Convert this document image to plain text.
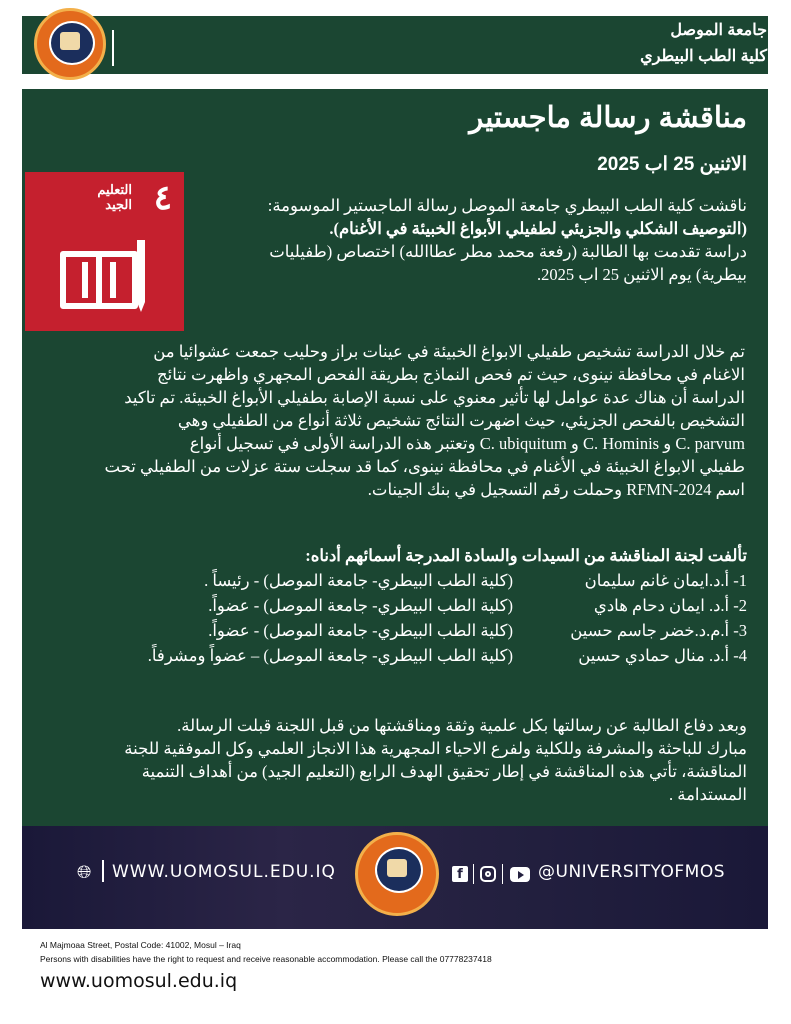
جامعة الموصل
كلية الطب البيطري
مناقشة رسالة ماجستير
الاثنين 25 اب 2025
٤
التعليم
الجيد	ناقشت كلية الطب البيطري جامعة الموصل رسالة الماجستير الموسومة:
(التوصيف الشكلي والجزيئي لطفيلي الأبواغ الخبيئة في الأغنام).
دراسة تقدمت بها الطالبة (رفعة محمد مطر عطاالله) اختصاص (طفيليات
بيطرية) يوم الاثنين 25 اب 2025.
تم خلال الدراسة تشخيص طفيلي الابواغ الخبيئة في عينات براز وحليب جمعت عشوائيا من
الاغنام في محافظة نينوى، حيث تم فحص النماذج بطريقة الفحص المجهري واظهرت نتائج
الدراسة أن هناك عدة عوامل لها تأثير معنوي على نسبة الإصابة بطفيلي الأبواغ الخبيئة. تم تاكيد
التشخيص بالفحص الجزيئي، حيث اضهرت النتائج تشخيص ثلاثة أنواع من الطفيلي وهي
C. parvum و C. Hominis و C. ubiquitum وتعتبر هذه الدراسة الأولى في تسجيل أنواع
طفيلي الابواغ الخبيئة في الأغنام في محافظة نينوى، كما قد سجلت ستة عزلات من الطفيلي تحت
اسم RFMN-2024 وحملت رقم التسجيل في بنك الجينات.
تألفت لجنة المناقشة من السيدات والسادة المدرجة أسمائهم أدناه:
1- أ.د.ايمان غانم سليمان
(كلية الطب البيطري- جامعة الموصل) - رئيساً .
2- أ.د. ايمان دحام هادي
(كلية الطب البيطري- جامعة الموصل) - عضواً.
3- أ.م.د.خضر جاسم حسين
(كلية الطب البيطري- جامعة الموصل) - عضواً.
4- أ.د. منال حمادي حسين
(كلية الطب البيطري- جامعة الموصل) – عضواً ومشرفاً.
وبعد دفاع الطالبة عن رسالتها بكل علمية وثقة ومناقشتها من قبل اللجنة قبلت الرسالة.
مبارك للباحثة والمشرفة وللكلية ولفرع الاحياء المجهرية هذا الانجاز العلمي وكل الموفقية للجنة
المناقشة، تأتي هذه المناقشة في إطار تحقيق الهدف الرابع (التعليم الجيد) من أهداف التنمية
المستدامة .
🌐︎ WWW.UOMOSUL.EDU.IQ	f	@UNIVERSITYOFMOS
Al Majmoaa Street, Postal Code: 41002, Mosul – Iraq
Persons with disabilities have the right to request and receive reasonable accommodation. Please call the 07778237418
www.uomosul.edu.iq
